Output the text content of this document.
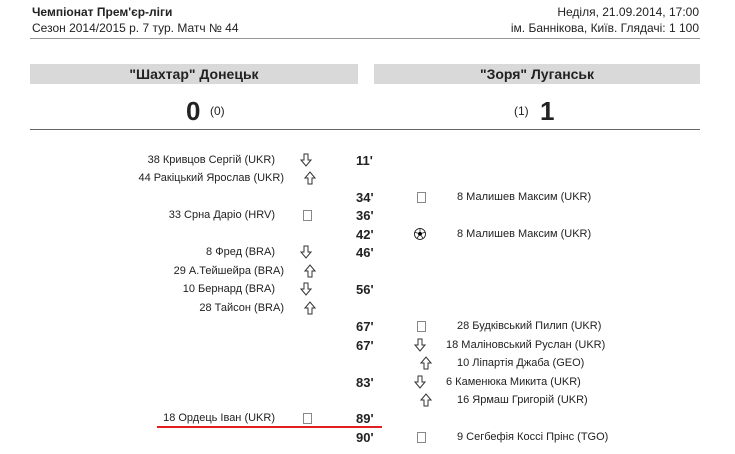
Чемпіонат Прем'єр-ліги
Сезон 2014/2015 р. 7 тур. Матч № 44
Неділя, 21.09.2014, 17:00
ім. Баннікова, Київ. Глядачі: 1 100
"Шахтар" Донецьк	"Зоря" Луганськ
0 (0)	(1) 1
38 Кривцов Сергій (UKR)	11'
44 Ракіцький Ярослав (UKR)
34'	8 Малишев Максим (UKR)
33 Срна Даріо (HRV)	36'
42'	8 Малишев Максим (UKR)
8 Фред (BRA)	46'
29 А.Тейшейра (BRA)
10 Бернард (BRA)	56'
28 Тайсон (BRA)
67'	28 Будківський Пилип (UKR)
67'	18 Маліновський Руслан (UKR)
10 Ліпартія Джаба (GEO)
83'	6 Каменюка Микита (UKR)
16 Ярмаш Григорій (UKR)
18 Ордець Іван (UKR)	89'
90'	9 Сегбефія Коссі Прінс (TGO)
